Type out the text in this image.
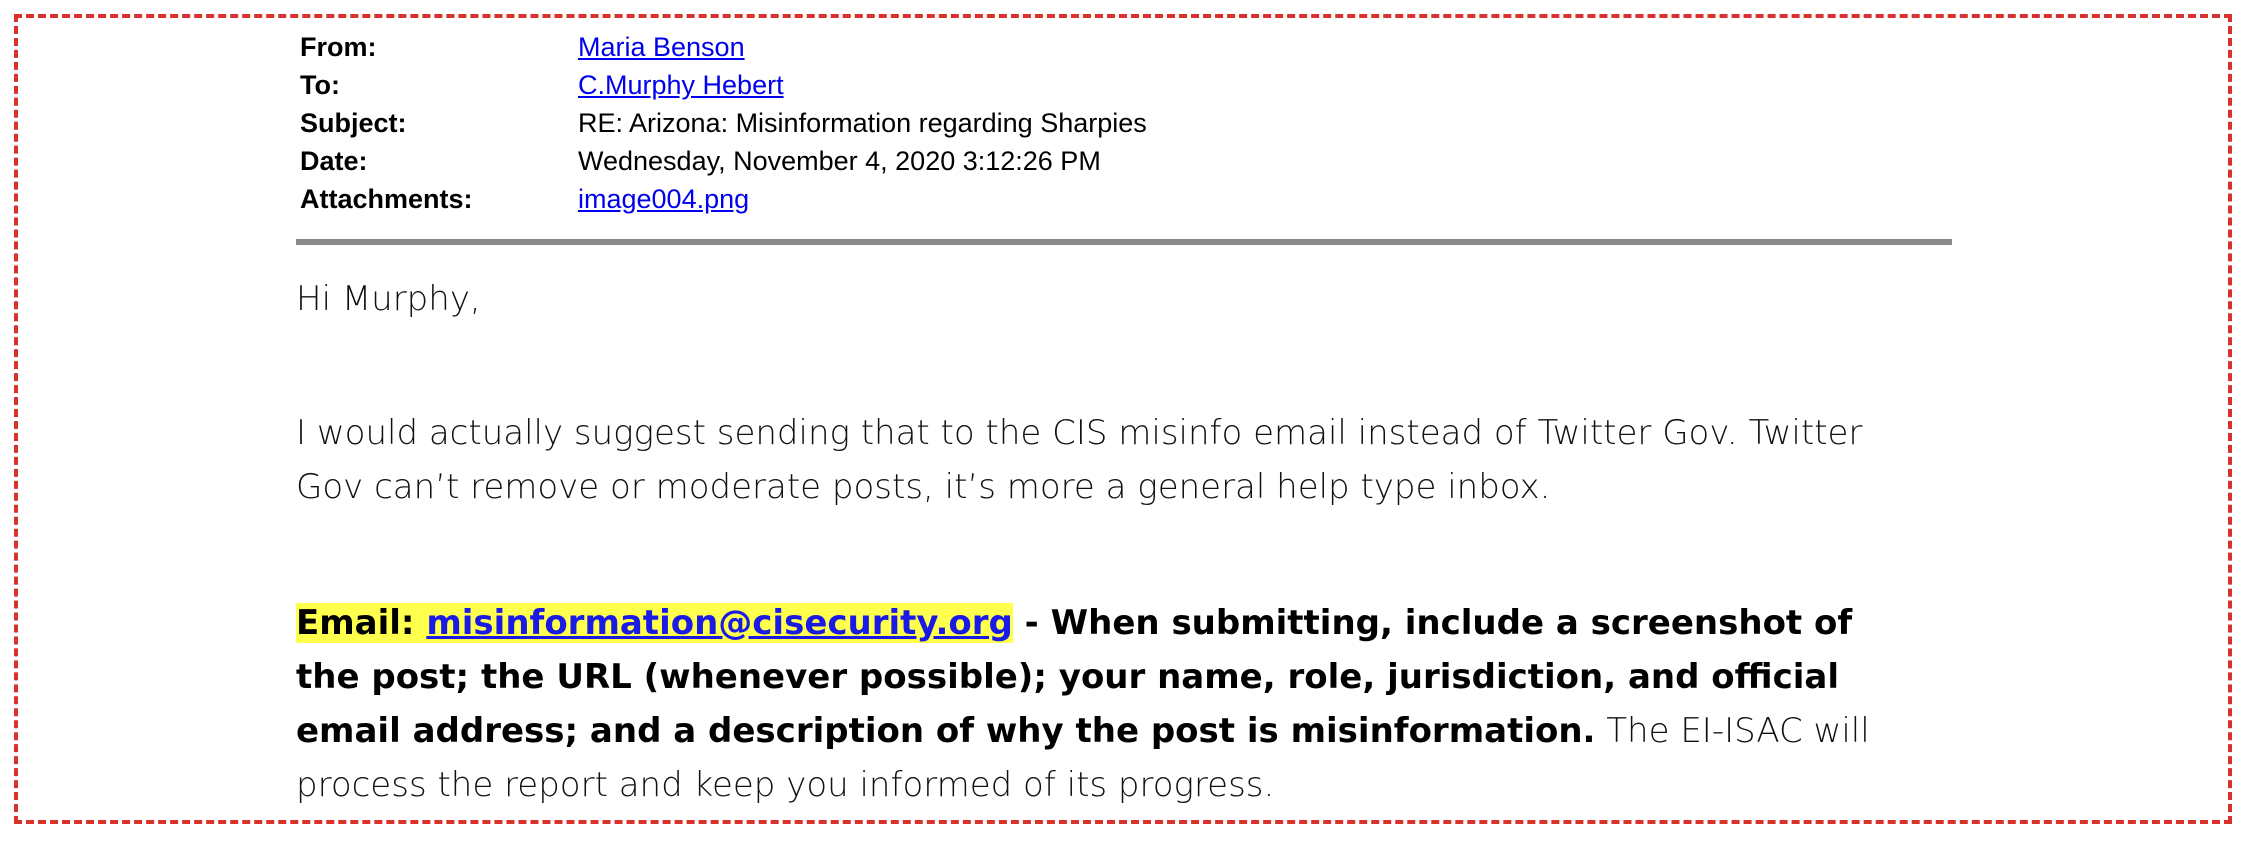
From:	Maria Benson
To:	C.Murphy Hebert
Subject:	RE: Arizona: Misinformation regarding Sharpies
Date:	Wednesday, November 4, 2020 3:12:26 PM
Attachments:	image004.png
Hi Murphy,
I would actually suggest sending that to the CIS misinfo email instead of Twitter Gov. Twitter Gov can’t remove or moderate posts, it’s more a general help type inbox.
Email: misinformation@cisecurity.org - When submitting, include a screenshot of the post; the URL (whenever possible); your name, role, jurisdiction, and official email address; and a description of why the post is misinformation. The EI-ISAC will process the report and keep you informed of its progress.
